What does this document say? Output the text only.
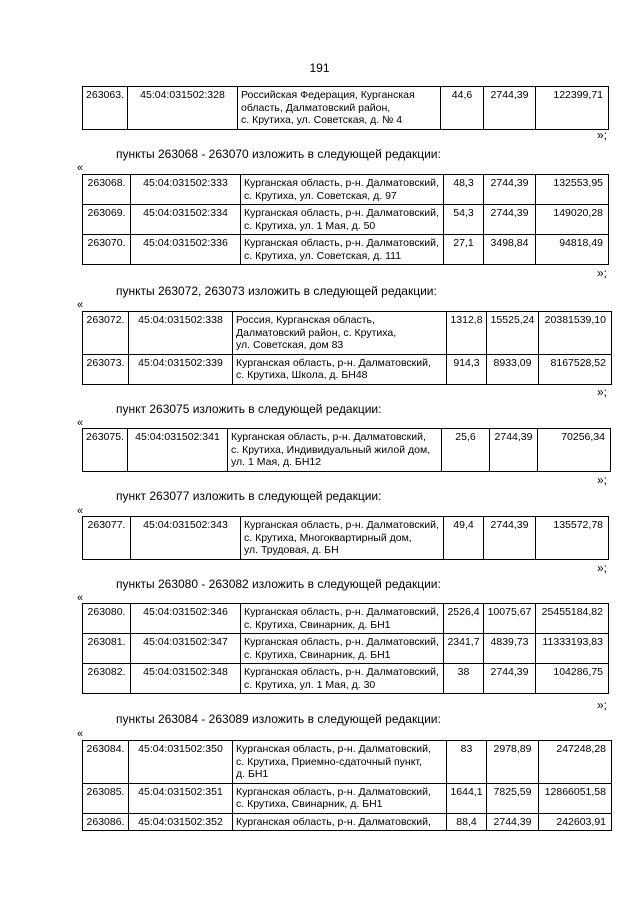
191
263063.	45:04:031502:328	Российская Федерация, Курганская
область, Далматовский район,
с. Крутиха, ул. Советская, д. № 4
	44,6	2744,39	122399,71
»;
пункты 263068 - 263070 изложить в следующей редакции:
«
263068.	45:04:031502:333	Курганская область, р-н. Далматовский,
с. Крутиха, ул. Советская, д. 97	48,3	2744,39	132553,95
263069.	45:04:031502:334	Курганская область, р-н. Далматовский,
с. Крутиха, ул. 1 Мая, д. 50	54,3	2744,39	149020,28
263070.	45:04:031502:336	Курганская область, р-н. Далматовский,
с. Крутиха, ул. Советская, д. 111	27,1	3498,84	94818,49
»;
пункты 263072, 263073 изложить в следующей редакции:
«
263072.	45:04:031502:338	Россия, Курганская область,
Далматовский район, с. Крутиха,
ул. Советская, дом 83	1312,8	15525,24	20381539,10
263073.	45:04:031502:339	Курганская область, р-н. Далматовский,
с. Крутиха, Школа, д. БН48	914,3	8933,09	8167528,52
»;
пункт 263075 изложить в следующей редакции:
«
263075.	45:04:031502:341	Курганская область, р-н. Далматовский,
с. Крутиха, Индивидуальный жилой дом,
ул. 1 Мая, д. БН12
	25,6	2744,39	70256,34
»;
пункт 263077 изложить в следующей редакции:
«
263077.	45:04:031502:343	Курганская область, р-н. Далматовский,
с. Крутиха, Многоквартирный дом,
ул. Трудовая, д. БН
	49,4	2744,39	135572,78
»;
пункты 263080 - 263082 изложить в следующей редакции:
«
263080.	45:04:031502:346	Курганская область, р-н. Далматовский,
с. Крутиха, Свинарник, д. БН1	2526,4	10075,67	25455184,82
263081.	45:04:031502:347	Курганская область, р-н. Далматовский,
с. Крутиха, Свинарник, д. БН1	2341,7	4839,73	11333193,83
263082.	45:04:031502:348	Курганская область, р-н. Далматовский,
с. Крутиха, ул. 1 Мая, д. 30	38	2744,39	104286,75
»;
пункты 263084 - 263089 изложить в следующей редакции:
«
263084.	45:04:031502:350	Курганская область, р-н. Далматовский,
с. Крутиха, Приемно-сдаточный пункт,
д. БН1	83	2978,89	247248,28
263085.	45:04:031502:351	Курганская область, р-н. Далматовский,
с. Крутиха, Свинарник, д. БН1	1644,1	7825,59	12866051,58
263086.	45:04:031502:352	Курганская область, р-н. Далматовский,	88,4	2744,39	242603,91
